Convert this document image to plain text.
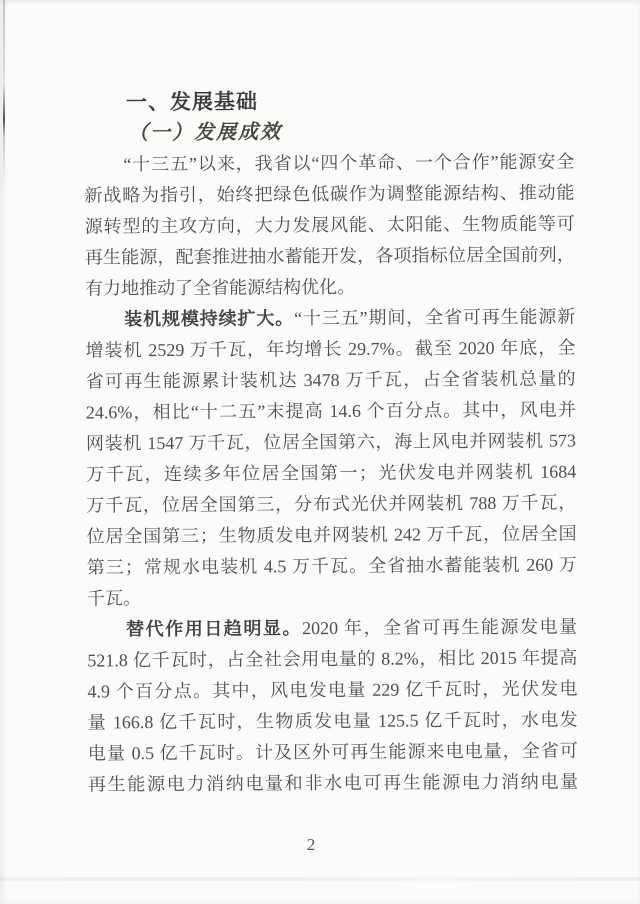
一、发展基础
（一）发展成效
“十三五”以来，我省以“四个革命、一个合作”能源安全
新战略为指引，始终把绿色低碳作为调整能源结构、推动能
源转型的主攻方向，大力发展风能、太阳能、生物质能等可
再生能源，配套推进抽水蓄能开发，各项指标位居全国前列，
有力地推动了全省能源结构优化。
装机规模持续扩大。“十三五”期间，全省可再生能源新
增装机 2529 万千瓦，年均增长 29.7%。截至 2020 年底，全
省可再生能源累计装机达 3478 万千瓦，占全省装机总量的
24.6%，相比“十二五”末提高 14.6 个百分点。其中，风电并
网装机 1547 万千瓦，位居全国第六，海上风电并网装机 573
万千瓦，连续多年位居全国第一；光伏发电并网装机 1684
万千瓦，位居全国第三，分布式光伏并网装机 788 万千瓦，
位居全国第三；生物质发电并网装机 242 万千瓦，位居全国
第三；常规水电装机 4.5 万千瓦。全省抽水蓄能装机 260 万
千瓦。
替代作用日趋明显。2020 年，全省可再生能源发电量
521.8 亿千瓦时，占全社会用电量的 8.2%，相比 2015 年提高
4.9 个百分点。其中，风电发电量 229 亿千瓦时，光伏发电
量 166.8 亿千瓦时，生物质发电量 125.5 亿千瓦时，水电发
电量 0.5 亿千瓦时。计及区外可再生能源来电电量，全省可
再生能源电力消纳电量和非水电可再生能源电力消纳电量
2
